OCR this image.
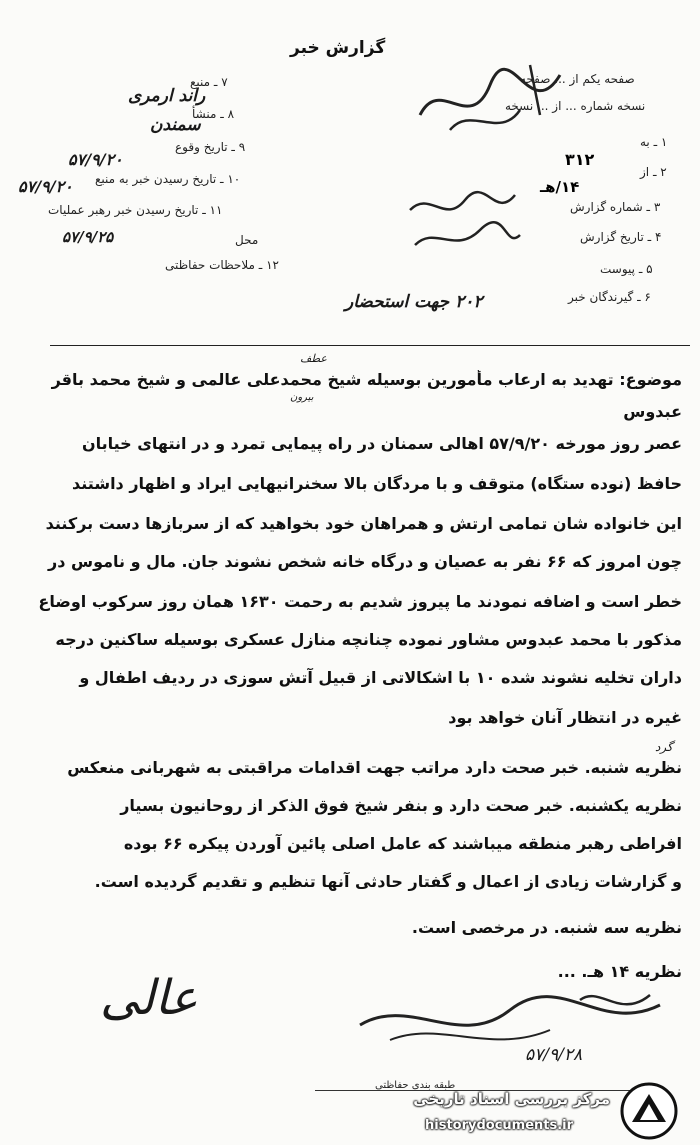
گزارش خبر
۷ ـ منبع
راند ارمری
۸ ـ منشأ
سمندن
۹ ـ تاریخ وقوع
۵۷/۹/۲۰
۱۰ ـ تاریخ رسیدن خبر به منبع
۵۷/۹/۲۰
۱۱ ـ تاریخ رسیدن خبر رهبر عملیات
۵۷/۹/۲۵	محل
۱۲ ـ ملاحظات حفاظتی
صفحه یکم از ... صفحه
نسخه شماره ... از ... نسخه
۱ ـ به
۲ ـ از
۳۱۲
۳ ـ شماره گزارش
۱۴/هـ
۴ ـ تاریخ گزارش
۵ ـ پیوست
۶ ـ گیرندگان خبر
۲۰۲ جهت استحضار
عطف
بیرون
موضوع: تهدید به ارعاب مأمورین بوسیله شیخ محمدعلی عالمی و شیخ محمد باقر
عبدوس
عصر روز مورخه ۵۷/۹/۲۰ اهالی سمنان در راه پیمایی تمرد و در انتهای خیابان
حافظ (نوده ستگاه) متوقف و با مردگان بالا سخنرانیهایی ایراد و اظهار داشتند
این خانواده شان تمامی ارتش و همراهان خود بخواهید که از سربازها دست برکنند
چون امروز که ۶۶ نفر به عصیان و درگاه خانه شخص نشوند جان. مال و ناموس در
خطر است و اضافه نمودند ما پیروز شدیم به رحمت ۱۶۳۰ همان روز سرکوب اوضاع
مذکور با محمد عبدوس مشاور نموده چنانچه منازل عسکری بوسیله ساکنین درجه
داران تخلیه نشوند شده ۱۰ با اشکالاتی از قبیل آتش سوزی در ردیف اطفال و
غیره در انتظار آنان خواهد بود
گرد
نظریه شنبه. خبر صحت دارد مراتب جهت اقدامات مراقبتی به شهربانی منعکس
نظریه یکشنبه. خبر صحت دارد و بنفر شیخ فوق الذکر از روحانیون بسیار
افراطی رهبر منطقه میباشند که عامل اصلی پائین آوردن پیکره ۶۶ بوده
و گزارشات زیادی از اعمال و گفتار حادثی آنها تنظیم و تقدیم گردیده است.
نظریه سه شنبه. در مرخصی است.
نظریه ۱۴ هـ. ...
عالی
۵۷/۹/۲۸
طبقه بندی حفاظتی
مرکز بررسی اسناد تاریخی
historydocuments.ir
